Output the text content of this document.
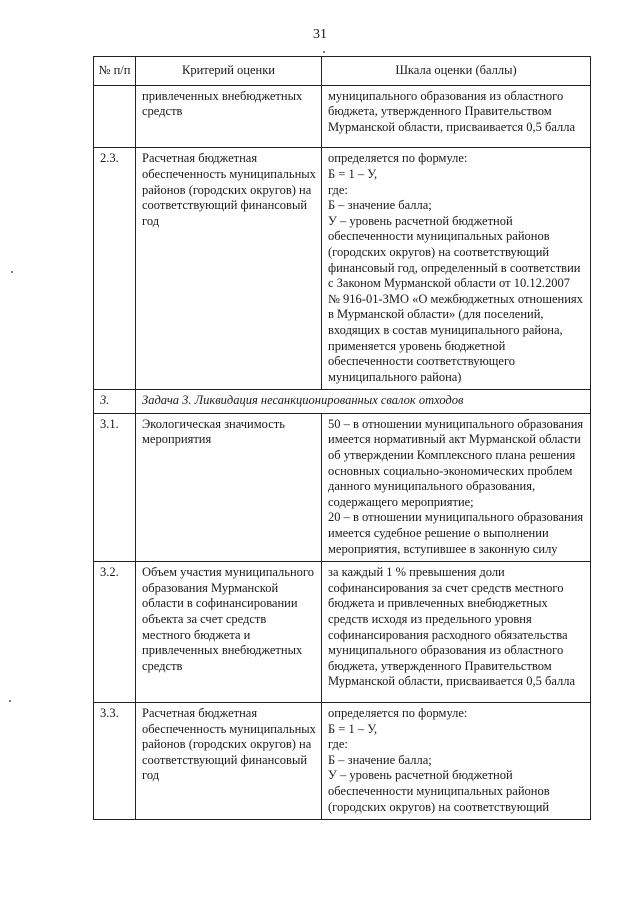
31
№ п/п	Критерий оценки	Шкала оценки (баллы)
	привлеченных внебюджетных средств	муниципального образования из областного бюджета, утвержденного Правительством Мурманской области, присваивается 0,5 балла
2.3.	Расчетная бюджетная обеспеченность муниципальных районов (городских округов) на соответствующий финансовый год	определяется по формуле:
Б = 1 – У,
где:
Б – значение балла;
У – уровень расчетной бюджетной обеспеченности муниципальных районов (городских округов) на соответствующий финансовый год, определенный в соответствии с Законом Мурманской области от 10.12.2007 № 916-01-ЗМО «О межбюджетных отношениях в Мурманской области» (для поселений, входящих в состав муниципального района, применяется уровень бюджетной обеспеченности соответствующего муниципального района)

3.	Задача 3. Ликвидация несанкционированных свалок отходов	
3.1.	Экологическая значимость мероприятия	50 – в отношении муниципального образования имеется нормативный акт Мурманской области об утверждении Комплексного плана решения основных социально-экономических проблем данного муниципального образования, содержащего мероприятие;
20 – в отношении муниципального образования имеется судебное решение о выполнении мероприятия, вступившее в законную силу

3.2.	Объем участия муниципального образования Мурманской области в софинансировании объекта за счет средств местного бюджета и привлеченных внебюджетных средств	за каждый 1 % превышения доли софинансирования за счет средств местного бюджета и привлеченных внебюджетных средств исходя из предельного уровня софинансирования расходного обязательства муниципального образования из областного бюджета, утвержденного Правительством Мурманской области, присваивается 0,5 балла
3.3.	Расчетная бюджетная обеспеченность муниципальных районов (городских округов) на соответствующий финансовый год	определяется по формуле:
Б = 1 – У,
где:
Б – значение балла;
У – уровень расчетной бюджетной обеспеченности муниципальных районов (городских округов) на соответствующий
